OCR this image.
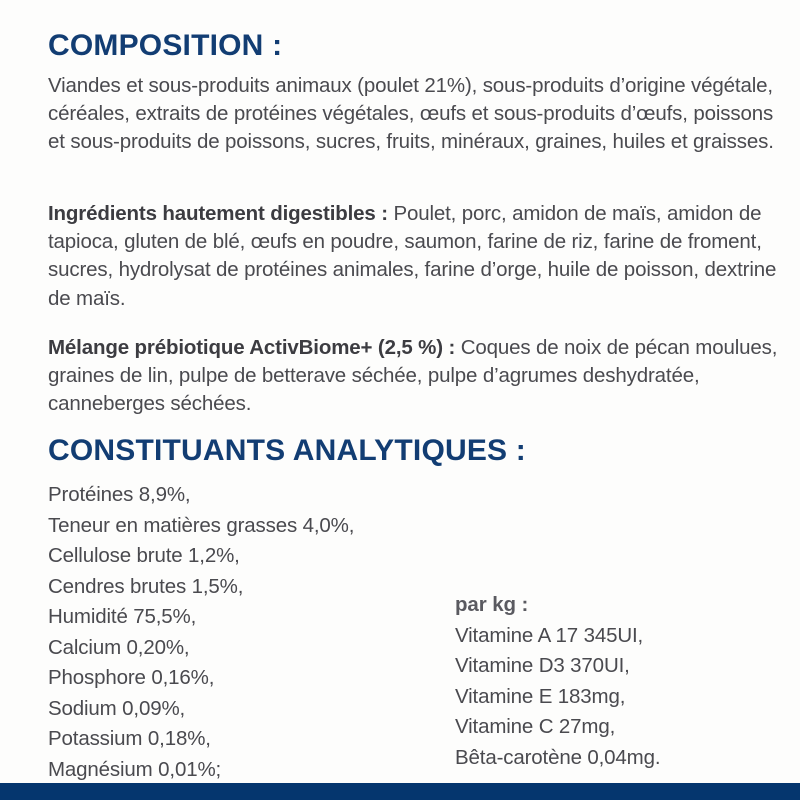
COMPOSITION :

Viandes et sous-produits animaux (poulet 21%), sous-produits d’origine végétale, céréales, extraits de protéines végétales, œufs et sous-produits d’œufs, poissons et sous-produits de poissons, sucres, fruits, minéraux, graines, huiles et graisses.

Ingrédients hautement digestibles : Poulet, porc, amidon de maïs, amidon de tapioca, gluten de blé, œufs en poudre, saumon, farine de riz, farine de froment, sucres, hydrolysat de protéines animales, farine d’orge, huile de poisson, dextrine de maïs.

Mélange prébiotique ActivBiome+ (2,5 %) : Coques de noix de pécan moulues, graines de lin, pulpe de betterave séchée, pulpe d’agrumes deshydratée, canneberges séchées.

CONSTITUANTS ANALYTIQUES :
Protéines 8,9%,
Teneur en matières grasses 4,0%,
Cellulose brute 1,2%,
Cendres brutes 1,5%,
Humidité 75,5%,
Calcium 0,20%,
Phosphore 0,16%,
Sodium 0,09%,
Potassium 0,18%,
Magnésium 0,01%;
par kg :
Vitamine A 17 345UI,
Vitamine D3 370UI,
Vitamine E 183mg,
Vitamine C 27mg,
Bêta-carotène 0,04mg.
